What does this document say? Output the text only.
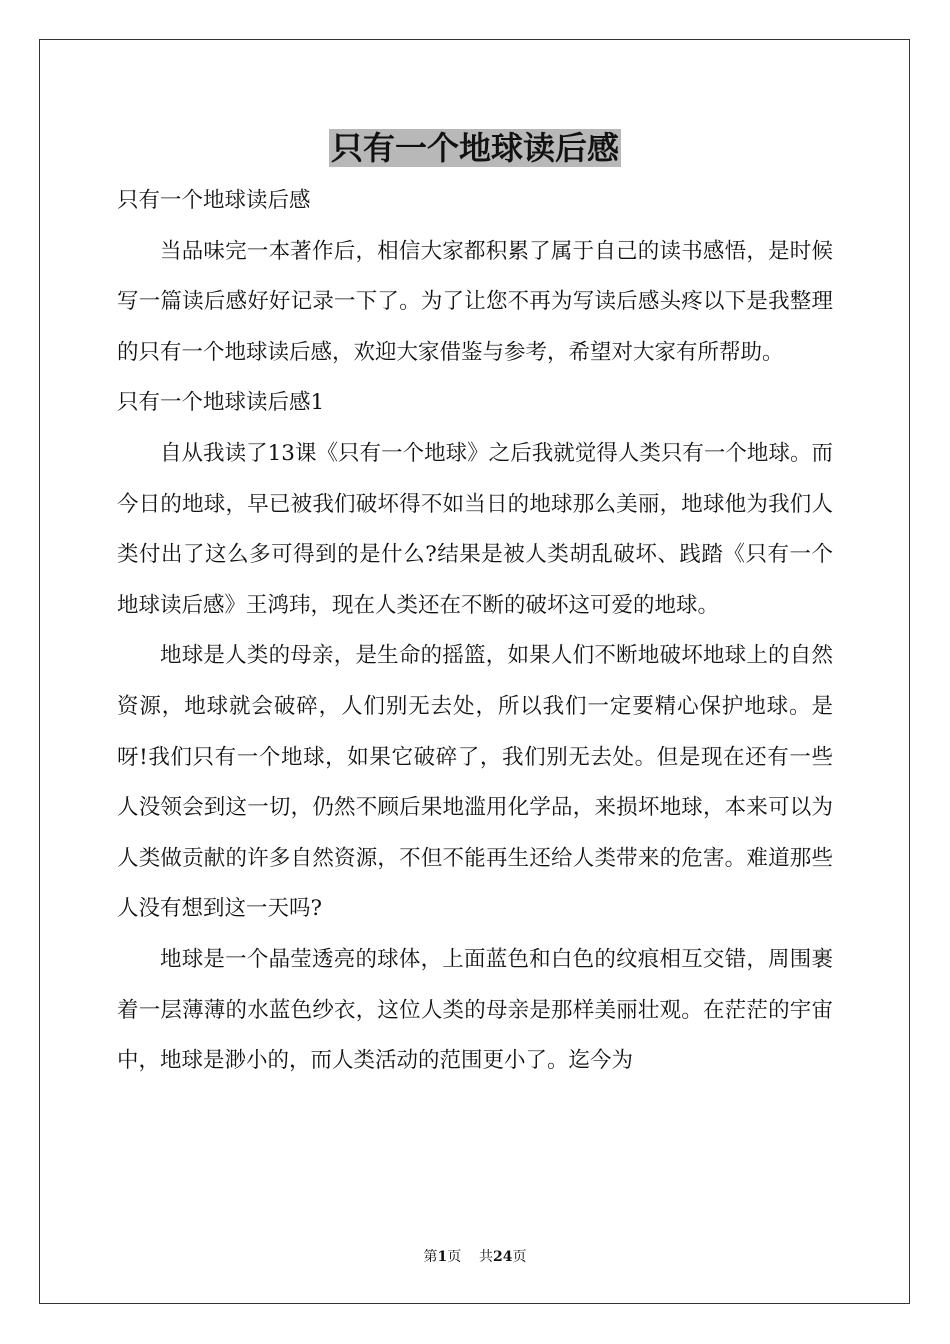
只有一个地球读后感

只有一个地球读后感

当品味完一本著作后，相信大家都积累了属于自己的读书感悟，是时候写一篇读后感好好记录一下了。为了让您不再为写读后感头疼以下是我整理的只有一个地球读后感，欢迎大家借鉴与参考，希望对大家有所帮助。

只有一个地球读后感1

自从我读了13课《只有一个地球》之后我就觉得人类只有一个地球。而今日的地球，早已被我们破坏得不如当日的地球那么美丽，地球他为我们人类付出了这么多可得到的是什么?结果是被人类胡乱破坏、践踏《只有一个地球读后感》王鸿玮，现在人类还在不断的破坏这可爱的地球。

地球是人类的母亲，是生命的摇篮，如果人们不断地破坏地球上的自然资源，地球就会破碎，人们别无去处，所以我们一定要精心保护地球。是呀!我们只有一个地球，如果它破碎了，我们别无去处。但是现在还有一些人没领会到这一切，仍然不顾后果地滥用化学品，来损坏地球，本来可以为人类做贡献的许多自然资源，不但不能再生还给人类带来的危害。难道那些人没有想到这一天吗?

地球是一个晶莹透亮的球体，上面蓝色和白色的纹痕相互交错，周围裹着一层薄薄的水蓝色纱衣，这位人类的母亲是那样美丽壮观。在茫茫的宇宙中，地球是渺小的，而人类活动的范围更小了。迄今为

第1页 共24页
